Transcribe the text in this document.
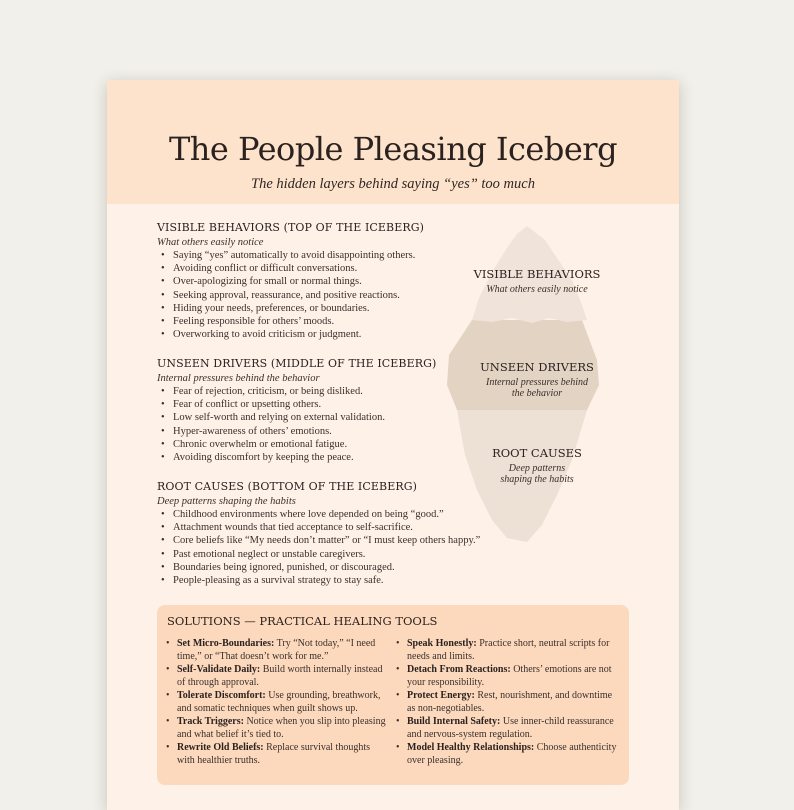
The People Pleasing Iceberg
The hidden layers behind saying “yes” too much
VISIBLE BEHAVIORS (TOP OF THE ICEBERG)
What others easily notice
• Saying “yes” automatically to avoid disappointing others.
• Avoiding conflict or difficult conversations.
• Over-apologizing for small or normal things.
• Seeking approval, reassurance, and positive reactions.
• Hiding your needs, preferences, or boundaries.
• Feeling responsible for others’ moods.
• Overworking to avoid criticism or judgment.
UNSEEN DRIVERS (MIDDLE OF THE ICEBERG)
Internal pressures behind the behavior
• Fear of rejection, criticism, or being disliked.
• Fear of conflict or upsetting others.
• Low self-worth and relying on external validation.
• Hyper-awareness of others’ emotions.
• Chronic overwhelm or emotional fatigue.
• Avoiding discomfort by keeping the peace.
ROOT CAUSES (BOTTOM OF THE ICEBERG)
Deep patterns shaping the habits
• Childhood environments where love depended on being “good.”
• Attachment wounds that tied acceptance to self-sacrifice.
• Core beliefs like “My needs don’t matter” or “I must keep others happy.”
• Past emotional neglect or unstable caregivers.
• Boundaries being ignored, punished, or discouraged.
• People-pleasing as a survival strategy to stay safe.
VISIBLE BEHAVIORS
What others easily notice
UNSEEN DRIVERS
Internal pressures behind
the behavior
ROOT CAUSES
Deep patterns
shaping the habits
SOLUTIONS — PRACTICAL HEALING TOOLS
• Set Micro-Boundaries: Try “Not today,” “I need time,” or “That doesn’t work for me.”
• Self-Validate Daily: Build worth internally instead of through approval.
• Tolerate Discomfort: Use grounding, breathwork, and somatic techniques when guilt shows up.
• Track Triggers: Notice when you slip into pleasing and what belief it’s tied to.
• Rewrite Old Beliefs: Replace survival thoughts with healthier truths.
• Speak Honestly: Practice short, neutral scripts for needs and limits.
• Detach From Reactions: Others’ emotions are not your responsibility.
• Protect Energy: Rest, nourishment, and downtime as non-negotiables.
• Build Internal Safety: Use inner-child reassurance and nervous-system regulation.
• Model Healthy Relationships: Choose authenticity over pleasing.
